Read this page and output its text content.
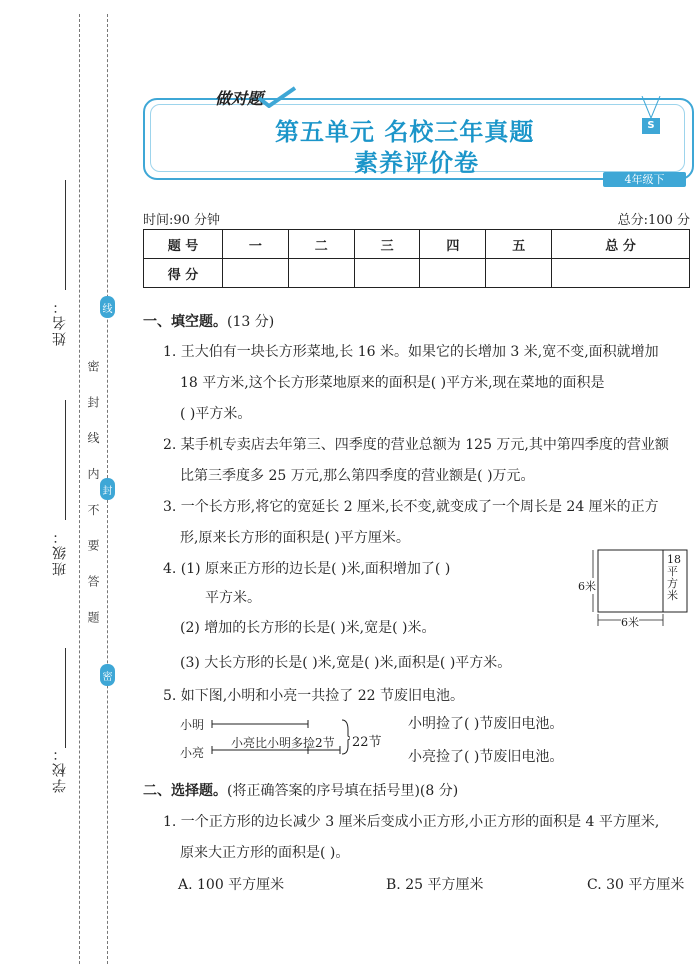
姓名：
班级：
学校：
线
封
密
密 封 线 内 不 要 答 题
做对题
第五单元 名校三年真题
素养评价卷
S
4年级下
时间:90 分钟	总分:100 分
题 号	一	二	三	四	五	总 分
得 分						
一、填空题。(13 分)
1. 王大伯有一块长方形菜地,长 16 米。如果它的长增加 3 米,宽不变,面积就增加
18 平方米,这个长方形菜地原来的面积是( )平方米,现在菜地的面积是
( )平方米。
2. 某手机专卖店去年第三、四季度的营业总额为 125 万元,其中第四季度的营业额
比第三季度多 25 万元,那么第四季度的营业额是( )万元。
3. 一个长方形,将它的宽延长 2 厘米,长不变,就变成了一个周长是 24 厘米的正方
形,原来长方形的面积是( )平方厘米。
4. (1) 原来正方形的边长是( )米,面积增加了( )
平方米。
(2) 增加的长方形的长是( )米,宽是( )米。
(3) 大长方形的长是( )米,宽是( )米,面积是( )平方米。
6米
6米
18平方米
5. 如下图,小明和小亮一共捡了 22 节废旧电池。
小明
小亮
小亮比小明多捡2节 22节
小明捡了( )节废旧电池。
小亮捡了( )节废旧电池。
二、选择题。(将正确答案的序号填在括号里)(8 分)
1. 一个正方形的边长减少 3 厘米后变成小正方形,小正方形的面积是 4 平方厘米,
原来大正方形的面积是( )。
A. 100 平方厘米	B. 25 平方厘米	C. 30 平方厘米
